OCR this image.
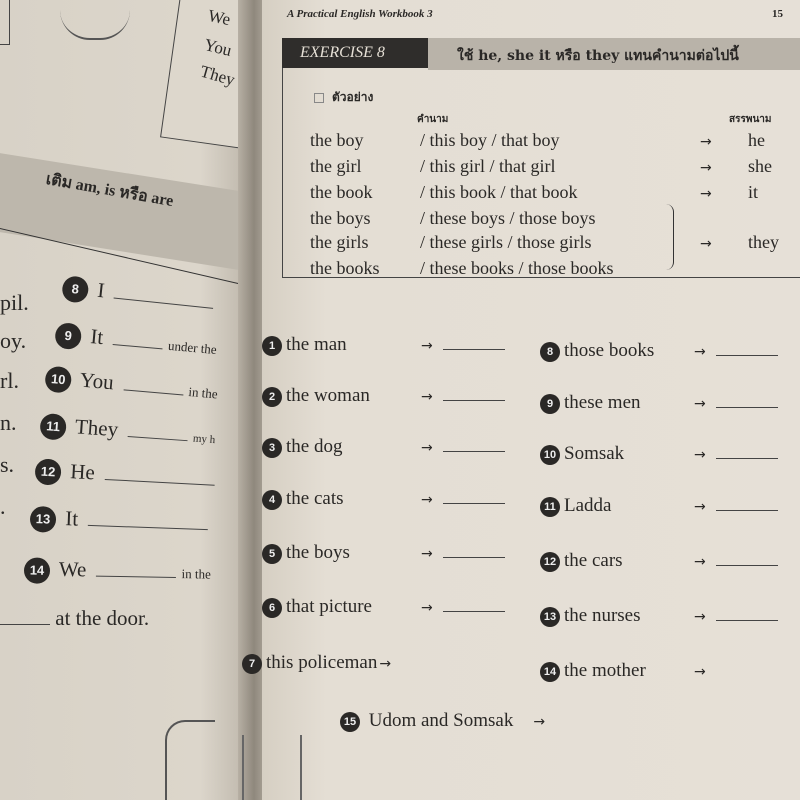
We
You
They
เติม am, is หรือ are
pil.
oy.
rl.
n.
s.
.
8 I
9 It	under the
10 You	in the
11 They	my h
12 He
13 It
14 We	in the
at the door.
A Practical English Workbook 3	15
EXERCISE 8	ใช้ he, she it หรือ they แทนคำนามต่อไปนี้
ตัวอย่าง
คำนาม	สรรพนาม
the boy	/ this boy / that boy	→ he
the girl	/ this girl / that girl	→ she
the book	/ this book / that book	→ it
the boys	/ these boys / those boys
the girls	/ these girls / those girls	→ they
the books / these books / those books
1 the man	→
2 the woman	→
3 the dog	→
4 the cats	→
5 the boys	→
6 that picture	→
7 this policeman →
8 those books	→
9 these men	→
10 Somsak	→
11 Ladda	→
12 the cars	→
13 the nurses	→
14 the mother	→
15 Udom and Somsak →
